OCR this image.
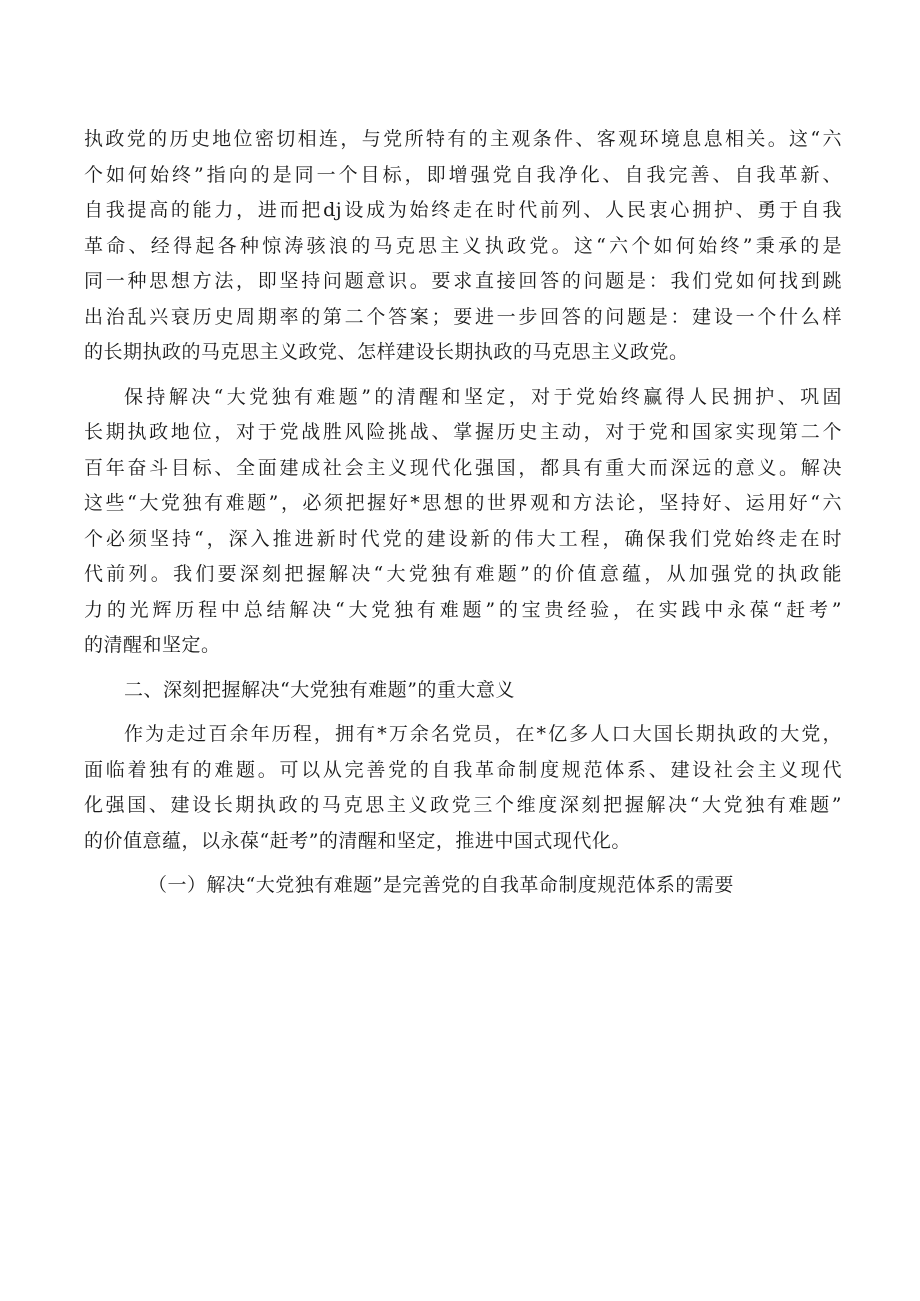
执政党的历史地位密切相连，与党所特有的主观条件、客观环境息息相关。这“六
个如何始终”指向的是同一个目标，即增强党自我净化、自我完善、自我革新、
自我提高的能力，进而把dj设成为始终走在时代前列、人民衷心拥护、勇于自我
革命、经得起各种惊涛骇浪的马克思主义执政党。这“六个如何始终”秉承的是
同一种思想方法，即坚持问题意识。要求直接回答的问题是：我们党如何找到跳
出治乱兴衰历史周期率的第二个答案；要进一步回答的问题是：建设一个什么样
的长期执政的马克思主义政党、怎样建设长期执政的马克思主义政党。
保持解决“大党独有难题”的清醒和坚定，对于党始终赢得人民拥护、巩固
长期执政地位，对于党战胜风险挑战、掌握历史主动，对于党和国家实现第二个
百年奋斗目标、全面建成社会主义现代化强国，都具有重大而深远的意义。解决
这些“大党独有难题”，必须把握好*思想的世界观和方法论，坚持好、运用好“六
个必须坚持“，深入推进新时代党的建设新的伟大工程，确保我们党始终走在时
代前列。我们要深刻把握解决“大党独有难题”的价值意蕴，从加强党的执政能
力的光辉历程中总结解决“大党独有难题”的宝贵经验，在实践中永葆“赶考”
的清醒和坚定。
二、深刻把握解决“大党独有难题”的重大意义
作为走过百余年历程，拥有*万余名党员，在*亿多人口大国长期执政的大党，
面临着独有的难题。可以从完善党的自我革命制度规范体系、建设社会主义现代
化强国、建设长期执政的马克思主义政党三个维度深刻把握解决“大党独有难题”
的价值意蕴，以永葆“赶考”的清醒和坚定，推进中国式现代化。
（一）解决“大党独有难题”是完善党的自我革命制度规范体系的需要
